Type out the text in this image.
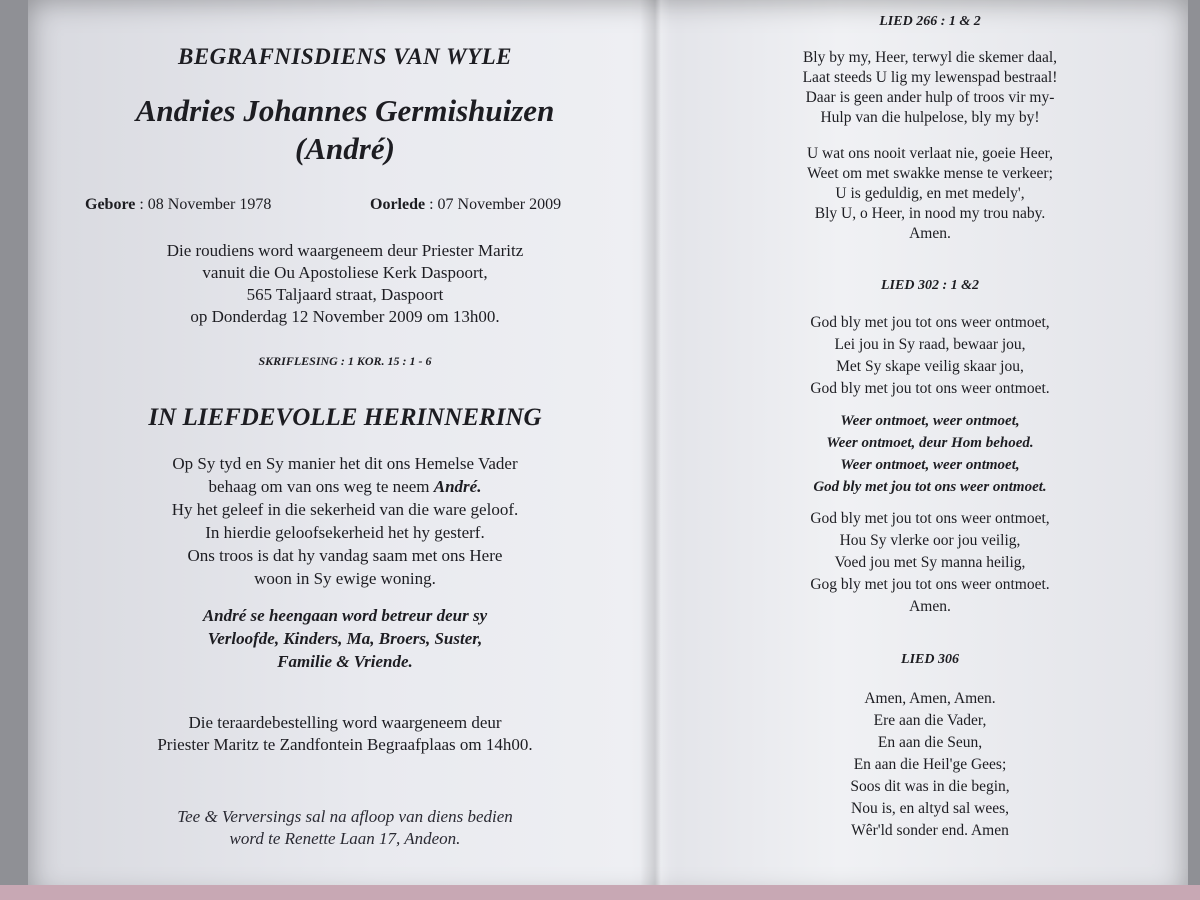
BEGRAFNISDIENS VAN WYLE

Andries Johannes Germishuizen

(André)

Gebore : 08 November 1978	Oorlede : 07 November 2009

Die roudiens word waargeneem deur Priester Maritz

vanuit die Ou Apostoliese Kerk Daspoort,

565 Taljaard straat, Daspoort

op Donderdag 12 November 2009 om 13h00.

SKRIFLESING : 1 KOR. 15 : 1 - 6

IN LIEFDEVOLLE HERINNERING

Op Sy tyd en Sy manier het dit ons Hemelse Vader

behaag om van ons weg te neem André.

Hy het geleef in die sekerheid van die ware geloof.

In hierdie geloofsekerheid het hy gesterf.

Ons troos is dat hy vandag saam met ons Here

woon in Sy ewige woning.

André se heengaan word betreur deur sy

Verloofde, Kinders, Ma, Broers, Suster,

Familie & Vriende.

Die teraardebestelling word waargeneem deur

Priester Maritz te Zandfontein Begraafplaas om 14h00.

Tee & Verversings sal na afloop van diens bedien

word te Renette Laan 17, Andeon.

LIED 266 : 1 & 2

Bly by my, Heer, terwyl die skemer daal,

Laat steeds U lig my lewenspad bestraal!

Daar is geen ander hulp of troos vir my-

Hulp van die hulpelose, bly my by!

U wat ons nooit verlaat nie, goeie Heer,

Weet om met swakke mense te verkeer;

U is geduldig, en met medely',

Bly U, o Heer, in nood my trou naby.

Amen.

LIED 302 : 1 &2

God bly met jou tot ons weer ontmoet,

Lei jou in Sy raad, bewaar jou,

Met Sy skape veilig skaar jou,

God bly met jou tot ons weer ontmoet.

Weer ontmoet, weer ontmoet,

Weer ontmoet, deur Hom behoed.

Weer ontmoet, weer ontmoet,

God bly met jou tot ons weer ontmoet.

God bly met jou tot ons weer ontmoet,

Hou Sy vlerke oor jou veilig,

Voed jou met Sy manna heilig,

Gog bly met jou tot ons weer ontmoet.

Amen.

LIED 306

Amen, Amen, Amen.

Ere aan die Vader,

En aan die Seun,

En aan die Heil'ge Gees;

Soos dit was in die begin,

Nou is, en altyd sal wees,

Wêr'ld sonder end. Amen
